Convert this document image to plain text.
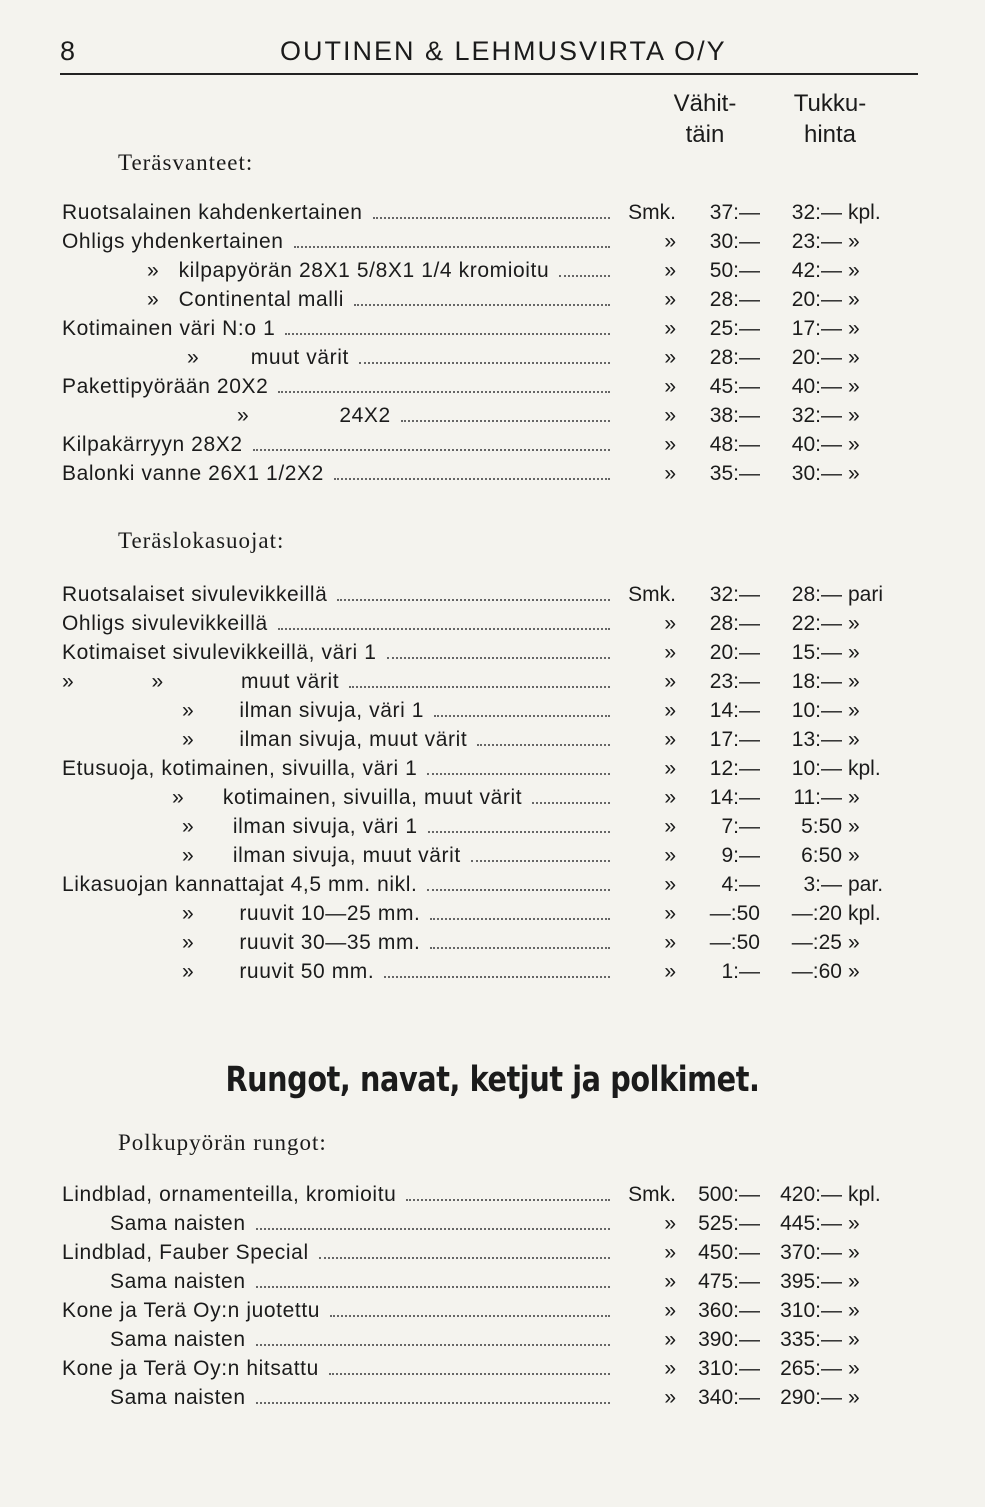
8	OUTINEN & LEHMUSVIRTA O/Y
Vähit-
täin
Tukku-
hinta
Teräsvanteet:
Teräslokasuojat:
Rungot, navat, ketjut ja polkimet.
Polkupyörän rungot:
Ruotsalainen kahdenkertainen	Smk.	37:—	32:— kpl.
Ohligs yhdenkertainen	»	30:—	23:— »
»   kilpapyörän 28X1 5/8X1 1/4 kromioitu	»	50:—	42:— »
»   Continental malli	»	28:—	20:— »
Kotimainen väri N:o 1	»	25:—	17:— »
»        muut värit	»	28:—	20:— »
Pakettipyörään 20X2	»	45:—	40:— »
»              24X2	»	38:—	32:— »
Kilpakärryyn 28X2	»	48:—	40:— »
Balonki vanne 26X1 1/2X2	»	35:—	30:— »
Ruotsalaiset sivulevikkeillä	Smk.	32:—	28:— pari
Ohligs sivulevikkeillä	»	28:—	22:— »
Kotimaiset sivulevikkeillä, väri 1	»	20:—	15:— »
»            »            muut värit	»	23:—	18:— »
»       ilman sivuja, väri 1	»	14:—	10:— »
»       ilman sivuja, muut värit	»	17:—	13:— »
Etusuoja, kotimainen, sivuilla, väri 1	»	12:—	10:— kpl.
»      kotimainen, sivuilla, muut värit	»	14:—	11:— »
»      ilman sivuja, väri 1	»	7:—	5:50 »
»      ilman sivuja, muut värit	»	9:—	6:50 »
Likasuojan kannattajat 4,5 mm. nikl.	»	4:—	3:— par.
»       ruuvit 10—25 mm.	»	—:50	—:20 kpl.
»       ruuvit 30—35 mm.	»	—:50	—:25 »
»       ruuvit 50 mm.	»	1:—	—:60 »
Lindblad, ornamenteilla, kromioitu	Smk.	500:— 420:— kpl.
Sama naisten	»	525:— 445:— »
Lindblad, Fauber Special	»	450:— 370:— »
Sama naisten	»	475:— 395:— »
Kone ja Terä Oy:n juotettu	»	360:— 310:— »
Sama naisten	»	390:— 335:— »
Kone ja Terä Oy:n hitsattu	»	310:— 265:— »
Sama naisten	»	340:— 290:— »
